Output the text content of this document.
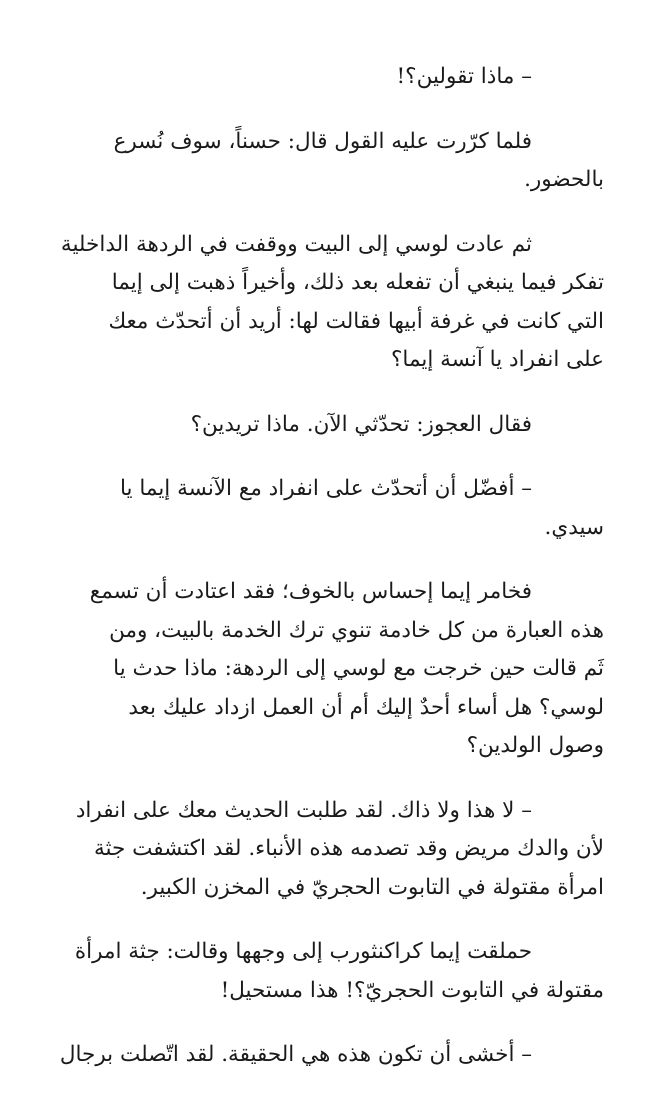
– ماذا تقولين؟!

فلما كرّرت عليه القول قال: حسناً، سوف نُسرع
بالحضور.

ثم عادت لوسي إلى البيت ووقفت في الردهة الداخلية
تفكر فيما ينبغي أن تفعله بعد ذلك، وأخيراً ذهبت إلى إيما
التي كانت في غرفة أبيها فقالت لها: أريد أن أتحدّث معك
على انفراد يا آنسة إيما؟

فقال العجوز: تحدّثي الآن. ماذا تريدين؟

– أفضّل أن أتحدّث على انفراد مع الآنسة إيما يا
سيدي.

فخامر إيما إحساس بالخوف؛ فقد اعتادت أن تسمع
هذه العبارة من كل خادمة تنوي ترك الخدمة بالبيت، ومن
ثَم قالت حين خرجت مع لوسي إلى الردهة: ماذا حدث يا
لوسي؟ هل أساء أحدٌ إليك أم أن العمل ازداد عليك بعد
وصول الولدين؟

– لا هذا ولا ذاك. لقد طلبت الحديث معك على انفراد
لأن والدك مريض وقد تصدمه هذه الأنباء. لقد اكتشفت جثة
امرأة مقتولة في التابوت الحجريّ في المخزن الكبير.

حملقت إيما كراكنثورب إلى وجهها وقالت: جثة امرأة
مقتولة في التابوت الحجريّ؟! هذا مستحيل!

– أخشى أن تكون هذه هي الحقيقة. لقد اتّصلت برجال
